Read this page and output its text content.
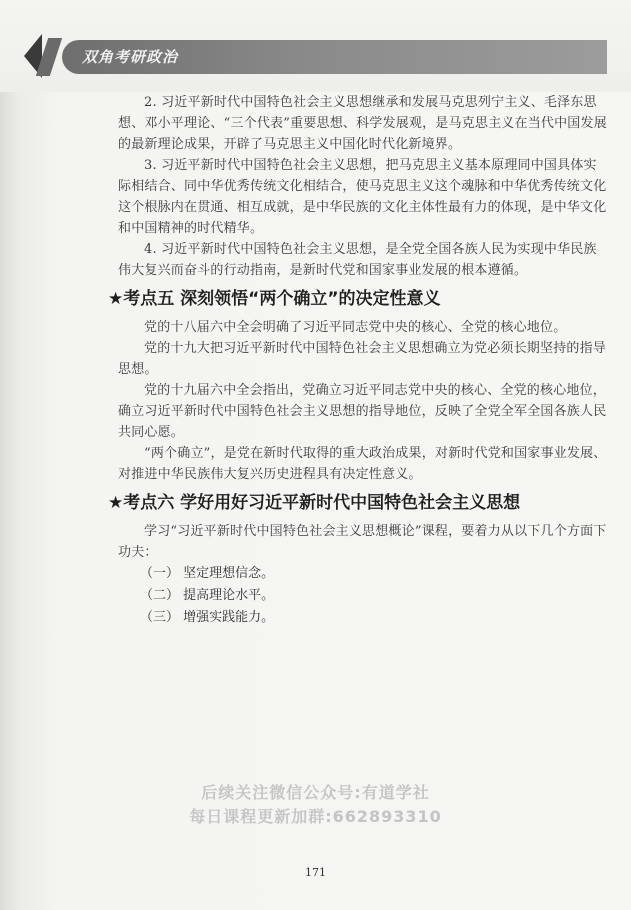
双角考研政治

2. 习近平新时代中国特色社会主义思想继承和发展马克思列宁主义、毛泽东思想、邓小平理论、“三个代表”重要思想、科学发展观，是马克思主义在当代中国发展的最新理论成果，开辟了马克思主义中国化时代化新境界。

3. 习近平新时代中国特色社会主义思想，把马克思主义基本原理同中国具体实际相结合、同中华优秀传统文化相结合，使马克思主义这个魂脉和中华优秀传统文化这个根脉内在贯通、相互成就，是中华民族的文化主体性最有力的体现，是中华文化和中国精神的时代精华。

4. 习近平新时代中国特色社会主义思想，是全党全国各族人民为实现中华民族伟大复兴而奋斗的行动指南，是新时代党和国家事业发展的根本遵循。

★考点五 深刻领悟“两个确立”的决定性意义

党的十八届六中全会明确了习近平同志党中央的核心、全党的核心地位。

党的十九大把习近平新时代中国特色社会主义思想确立为党必须长期坚持的指导思想。

党的十九届六中全会指出，党确立习近平同志党中央的核心、全党的核心地位，确立习近平新时代中国特色社会主义思想的指导地位，反映了全党全军全国各族人民共同心愿。

“两个确立”，是党在新时代取得的重大政治成果，对新时代党和国家事业发展、对推进中华民族伟大复兴历史进程具有决定性意义。

★考点六 学好用好习近平新时代中国特色社会主义思想

学习“习近平新时代中国特色社会主义思想概论”课程，要着力从以下几个方面下功夫：

（一） 坚定理想信念。
（二） 提高理论水平。
（三） 增强实践能力。
后续关注微信公众号:有道学社
每日课程更新加群:662893310
171
